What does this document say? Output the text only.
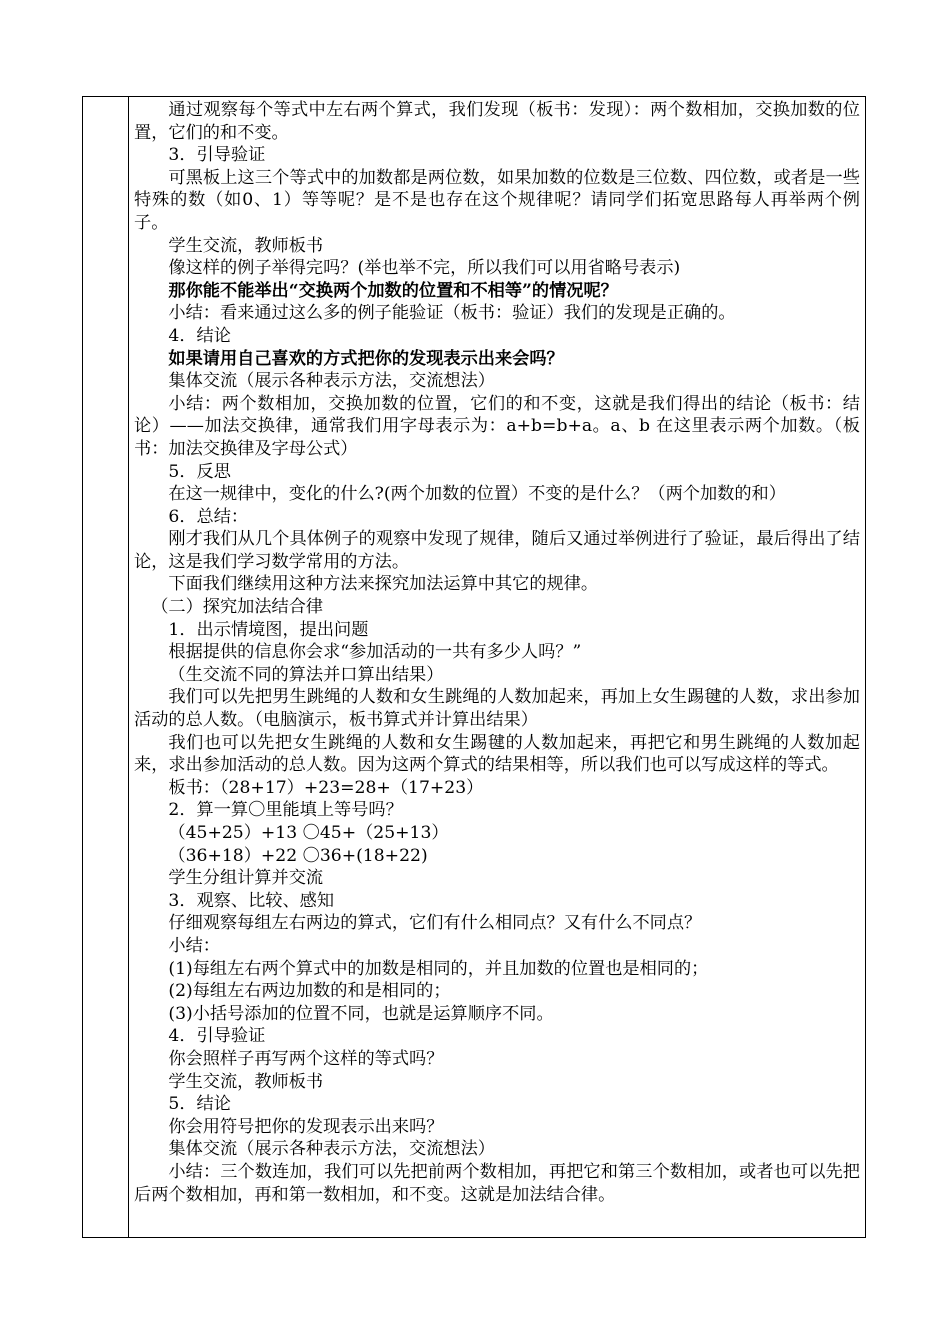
通过观察每个等式中左右两个算式，我们发现（板书：发现）：两个数相加，交换加数的位置，它们的和不变。

3．引导验证

可黑板上这三个等式中的加数都是两位数，如果加数的位数是三位数、四位数，或者是一些特殊的数（如0、1）等等呢？是不是也存在这个规律呢？请同学们拓宽思路每人再举两个例子。

学生交流，教师板书

像这样的例子举得完吗？(举也举不完，所以我们可以用省略号表示)

那你能不能举出“交换两个加数的位置和不相等”的情况呢？

小结：看来通过这么多的例子能验证（板书：验证）我们的发现是正确的。

4．结论

如果请用自己喜欢的方式把你的发现表示出来会吗？

集体交流（展示各种表示方法，交流想法）

小结：两个数相加，交换加数的位置，它们的和不变，这就是我们得出的结论（板书：结论）——加法交换律，通常我们用字母表示为：a+b=b+a。a、b 在这里表示两个加数。（板书：加法交换律及字母公式）

5．反思

在这一规律中，变化的什么?(两个加数的位置）不变的是什么？（两个加数的和）

6．总结：

刚才我们从几个具体例子的观察中发现了规律，随后又通过举例进行了验证，最后得出了结论，这是我们学习数学常用的方法。

下面我们继续用这种方法来探究加法运算中其它的规律。

（二）探究加法结合律

1．出示情境图，提出问题

根据提供的信息你会求“参加活动的一共有多少人吗？”

（生交流不同的算法并口算出结果）

我们可以先把男生跳绳的人数和女生跳绳的人数加起来，再加上女生踢毽的人数，求出参加活动的总人数。（电脑演示，板书算式并计算出结果）

我们也可以先把女生跳绳的人数和女生踢毽的人数加起来，再把它和男生跳绳的人数加起来，求出参加活动的总人数。因为这两个算式的结果相等，所以我们也可以写成这样的等式。

板书：（28+17）+23=28+（17+23）

2．算一算〇里能填上等号吗？

（45+25）+13 〇45+（25+13）

（36+18）+22 〇36+(18+22)

学生分组计算并交流

3．观察、比较、感知

仔细观察每组左右两边的算式，它们有什么相同点？又有什么不同点？

小结：

(1)每组左右两个算式中的加数是相同的，并且加数的位置也是相同的；

(2)每组左右两边加数的和是相同的；

(3)小括号添加的位置不同，也就是运算顺序不同。

4．引导验证

你会照样子再写两个这样的等式吗？

学生交流，教师板书

5．结论

你会用符号把你的发现表示出来吗？

集体交流（展示各种表示方法，交流想法）

小结：三个数连加，我们可以先把前两个数相加，再把它和第三个数相加，或者也可以先把后两个数相加，再和第一数相加，和不变。这就是加法结合律。
